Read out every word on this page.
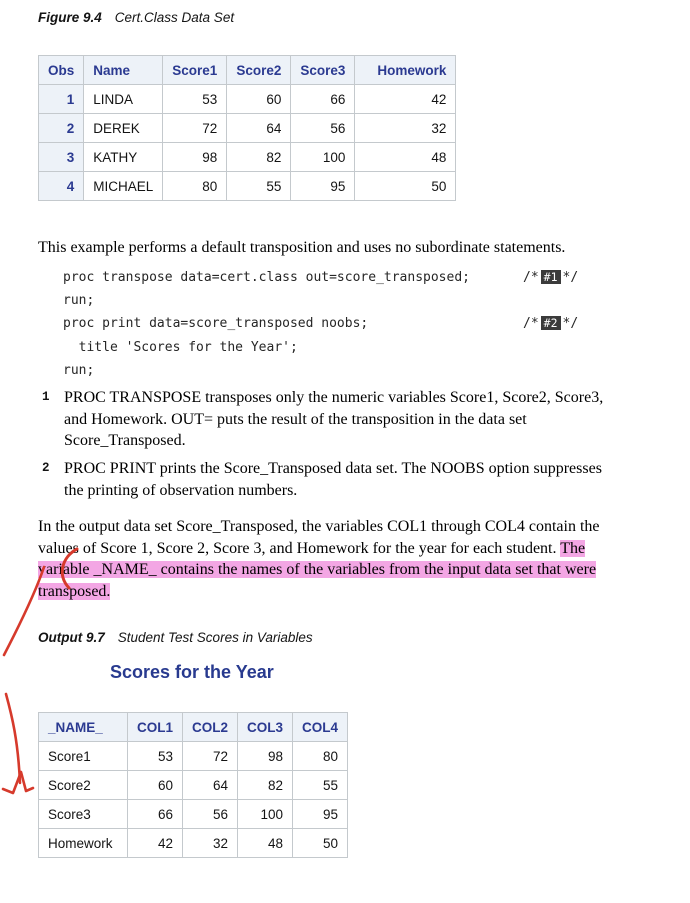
Figure 9.4 Cert.Class Data Set
Obs	Name	Score1	Score2	Score3	Homework
1	LINDA	53	60	66	42
2	DEREK	72	64	56	32
3	KATHY	98	82	100	48
4	MICHAEL	80	55	95	50
This example performs a default transposition and uses no subordinate statements.
proc transpose data=cert.class out=score_transposed;	/* #1 */
run;
proc print data=score_transposed noobs;	/* #2 */
title 'Scores for the Year';
run;
1 PROC TRANSPOSE transposes only the numeric variables Score1, Score2, Score3,
and Homework. OUT= puts the result of the transposition in the data set
Score_Transposed.
2 PROC PRINT prints the Score_Transposed data set. The NOOBS option suppresses
the printing of observation numbers.
In the output data set Score_Transposed, the variables COL1 through COL4 contain the
values of Score 1, Score 2, Score 3, and Homework for the year for each student. The
variable _NAME_ contains the names of the variables from the input data set that were
transposed.
Output 9.7 Student Test Scores in Variables
Scores for the Year
_NAME_	COL1	COL2	COL3	COL4
Score1	53	72	98	80
Score2	60	64	82	55
Score3	66	56	100	95
Homework	42	32	48	50
